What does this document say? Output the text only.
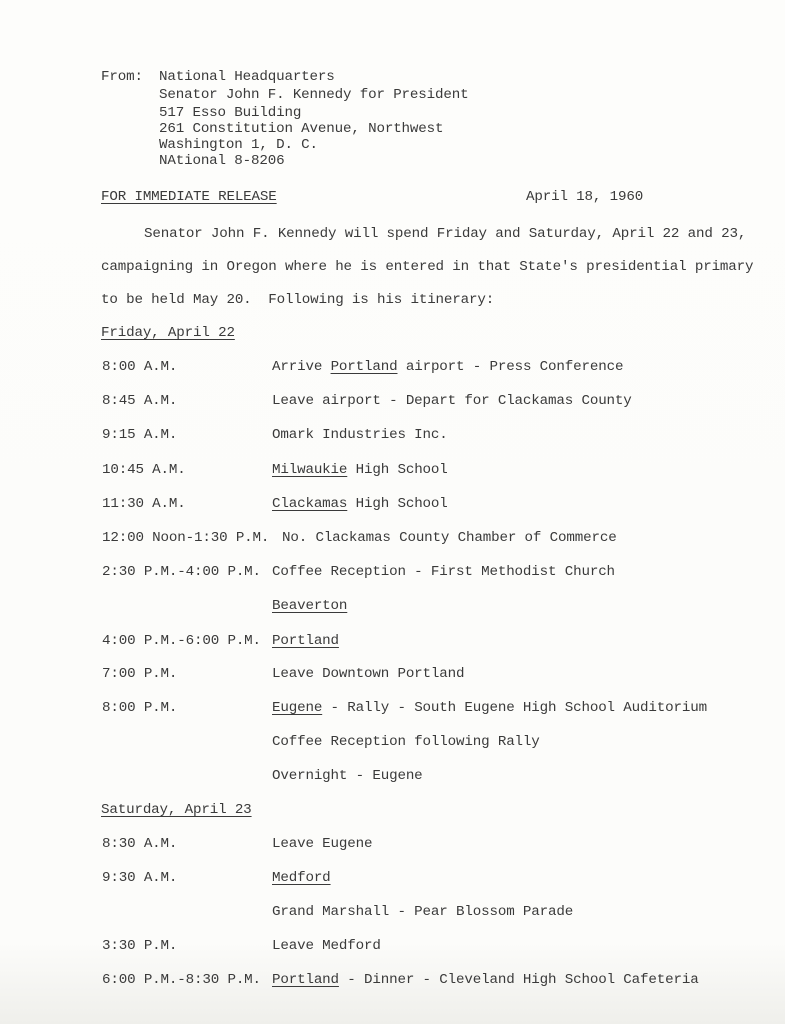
From: National Headquarters
Senator John F. Kennedy for President
517 Esso Building
261 Constitution Avenue, Northwest
Washington 1, D. C.
NAtional 8-8206
FOR IMMEDIATE RELEASE	April 18, 1960
Senator John F. Kennedy will spend Friday and Saturday, April 22 and 23,
campaigning in Oregon where he is entered in that State's presidential primary
to be held May 20.  Following is his itinerary:
Friday, April 22
8:00 A.M.	Arrive Portland airport - Press Conference
8:45 A.M.	Leave airport - Depart for Clackamas County
9:15 A.M.	Omark Industries Inc.
10:45 A.M.	Milwaukie High School
11:30 A.M.	Clackamas High School
12:00 Noon-1:30 P.M. No. Clackamas County Chamber of Commerce
2:30 P.M.-4:00 P.M. Coffee Reception - First Methodist Church
Beaverton
4:00 P.M.-6:00 P.M. Portland
7:00 P.M.	Leave Downtown Portland
8:00 P.M.	Eugene - Rally - South Eugene High School Auditorium
Coffee Reception following Rally
Overnight - Eugene
Saturday, April 23
8:30 A.M.	Leave Eugene
9:30 A.M.	Medford
Grand Marshall - Pear Blossom Parade
3:30 P.M.	Leave Medford
6:00 P.M.-8:30 P.M. Portland - Dinner - Cleveland High School Cafeteria
